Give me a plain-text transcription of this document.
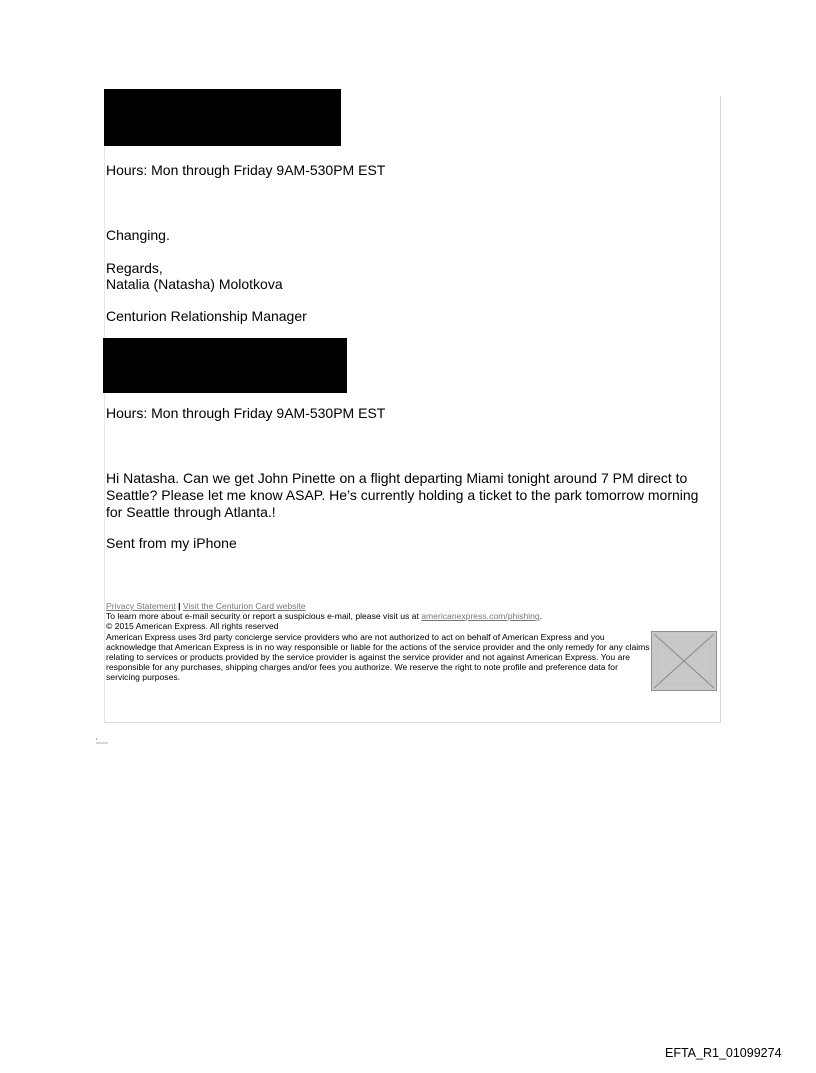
Hours: Mon through Friday 9AM-530PM EST
Changing.
Regards,
Natalia (Natasha) Molotkova
Centurion Relationship Manager
Hours: Mon through Friday 9AM-530PM EST
Hi Natasha. Can we get John Pinette on a flight departing Miami tonight around 7 PM direct to Seattle? Please let me know ASAP. He’s currently holding a ticket to the park tomorrow morning for Seattle through Atlanta.!
Sent from my iPhone
Privacy Statement | Visit the Centurion Card website
To learn more about e-mail security or report a suspicious e-mail, please visit us at americanexpress.com/phishing.
© 2015 American Express. All rights reserved
American Express uses 3rd party concierge service providers who are not authorized to act on behalf of American Express and you acknowledge that American Express is in no way responsible or liable for the actions of the service provider and the only remedy for any claims relating to services or products provided by the service provider is against the service provider and not against American Express. You are responsible for any purchases, shipping charges and/or fees you authorize. We reserve the right to note profile and preference data for servicing purposes.
EFTA_R1_01099274
